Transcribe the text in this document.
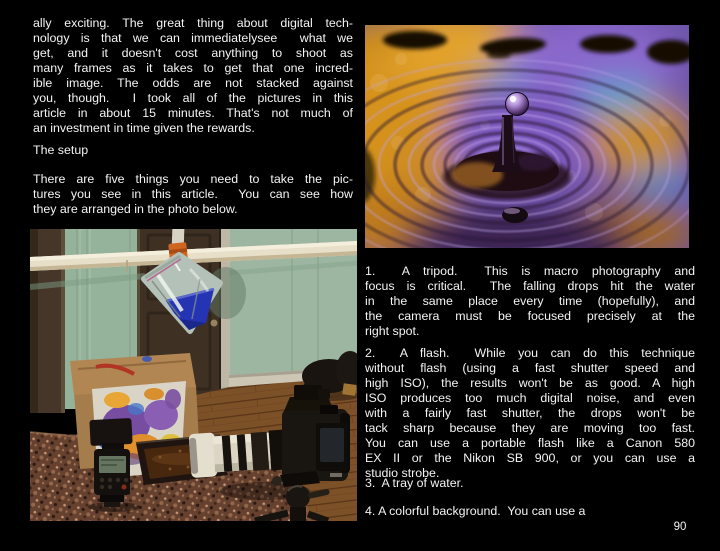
ally exciting. The great thing about digital tech-
nology is that we can immediatelysee  what we
get, and it doesn't cost anything to shoot as
many frames as it takes to get that one incred-
ible image. The odds are not stacked against
you, though.  I took all of the pictures in this
article in about 15 minutes. That's not much of
an investment in time given the rewards.
The setup
There are five things you need to take the pic-
tures you see in this article.  You can see how
they are arranged in the photo below.
1.  A tripod.  This is macro photography and
focus is critical.  The falling drops hit the water
in the same place every time (hopefully), and
the camera must be focused precisely at the
right spot.
2.  A flash.  While you can do this technique
without flash (using a fast shutter speed and
high ISO), the results won't be as good. A high
ISO produces too much digital noise, and even
with a fairly fast shutter, the drops won't be
tack sharp because they are moving too fast.
You can use a portable flash like a Canon 580
EX II or the Nikon SB 900, or you can use a
studio strobe.
3.  A tray of water.
4. A colorful background.  You can use a
90
